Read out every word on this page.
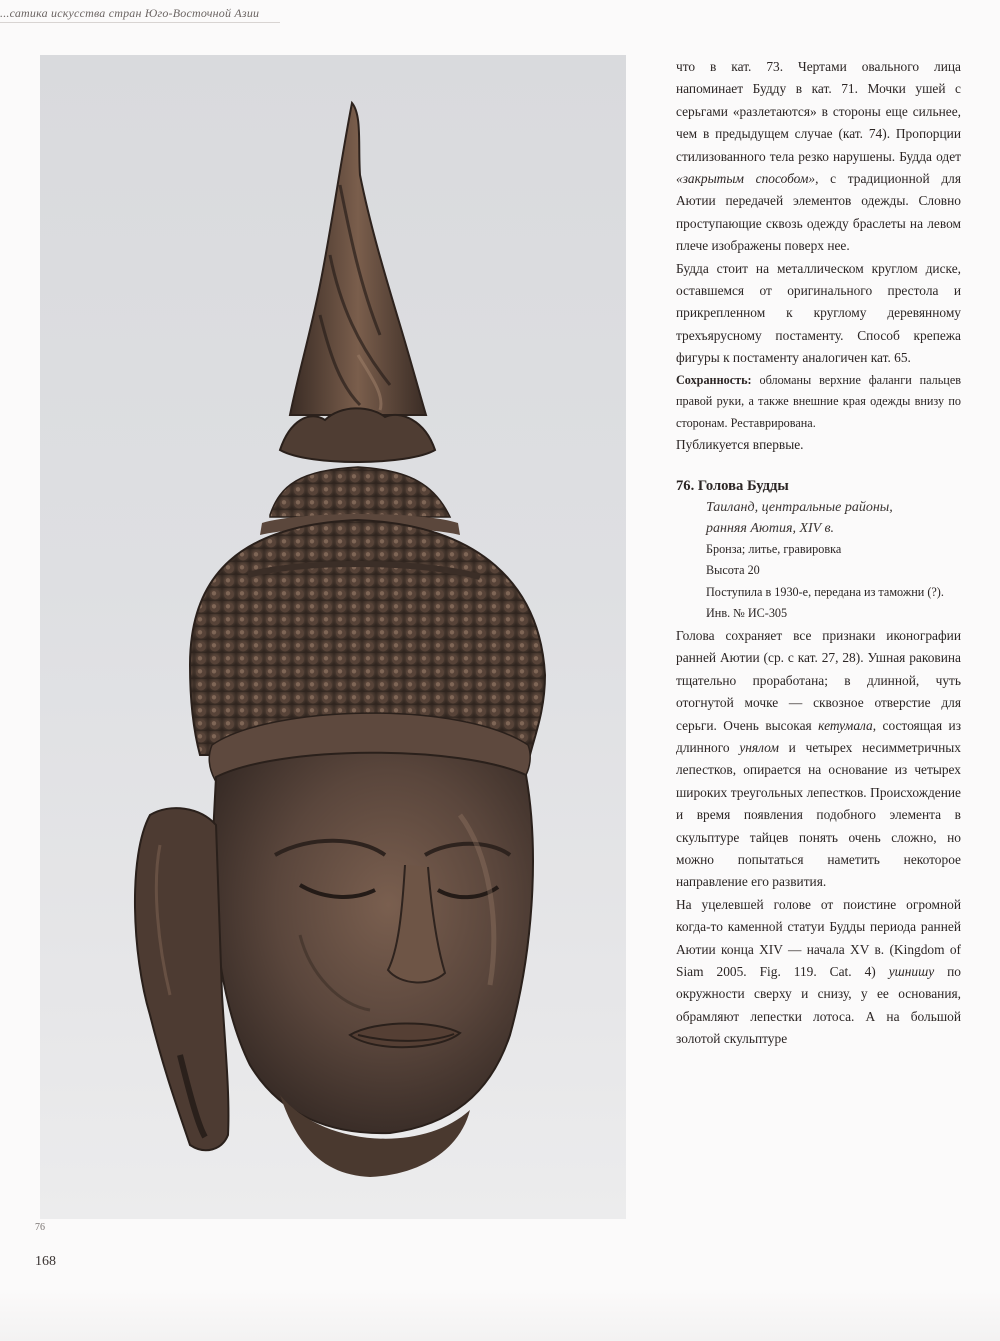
...сатика искусства стран Юго-Восточной Азии
76
168

что в кат. 73. Чертами овального лица напоминает Будду в кат. 71. Мочки ушей с серьгами «разлетаются» в стороны еще сильнее, чем в предыдущем случае (кат. 74). Пропорции стилизованного тела резко нарушены. Будда одет «закрытым способом», с традиционной для Аютии передачей элементов одежды. Словно проступающие сквозь одежду браслеты на левом плече изображены поверх нее.

Будда стоит на металлическом круглом диске, оставшемся от оригинального престола и прикрепленном к круглому деревянному трехъярусному постаменту. Способ крепежа фигуры к постаменту аналогичен кат. 65.

Сохранность: обломаны верхние фаланги пальцев правой руки, а также внешние края одежды внизу по сторонам. Реставрирована.

Публикуется впервые.

76. Голова Будды

Таиланд, центральные районы,

ранняя Аютия, XIV в.

Бронза; литье, гравировка

Высота 20

Поступила в 1930-е, передана из таможни (?).

Инв. № ИС-305

Голова сохраняет все признаки иконографии ранней Аютии (ср. с кат. 27, 28). Ушная раковина тщательно проработана; в длинной, чуть отогнутой мочке — сквозное отверстие для серьги. Очень высокая кетумала, состоящая из длинного унялом и четырех несимметричных лепестков, опирается на основание из четырех широких треугольных лепестков. Происхождение и время появления подобного элемента в скульптуре тайцев понять очень сложно, но можно попытаться наметить некоторое направление его развития.

На уцелевшей голове от поистине огромной когда-то каменной статуи Будды периода ранней Аютии конца XIV — начала XV в. (Kingdom of Siam 2005. Fig. 119. Cat. 4) ушнишу по окружности сверху и снизу, у ее основания, обрамляют лепестки лотоса. А на большой золотой скульптуре
